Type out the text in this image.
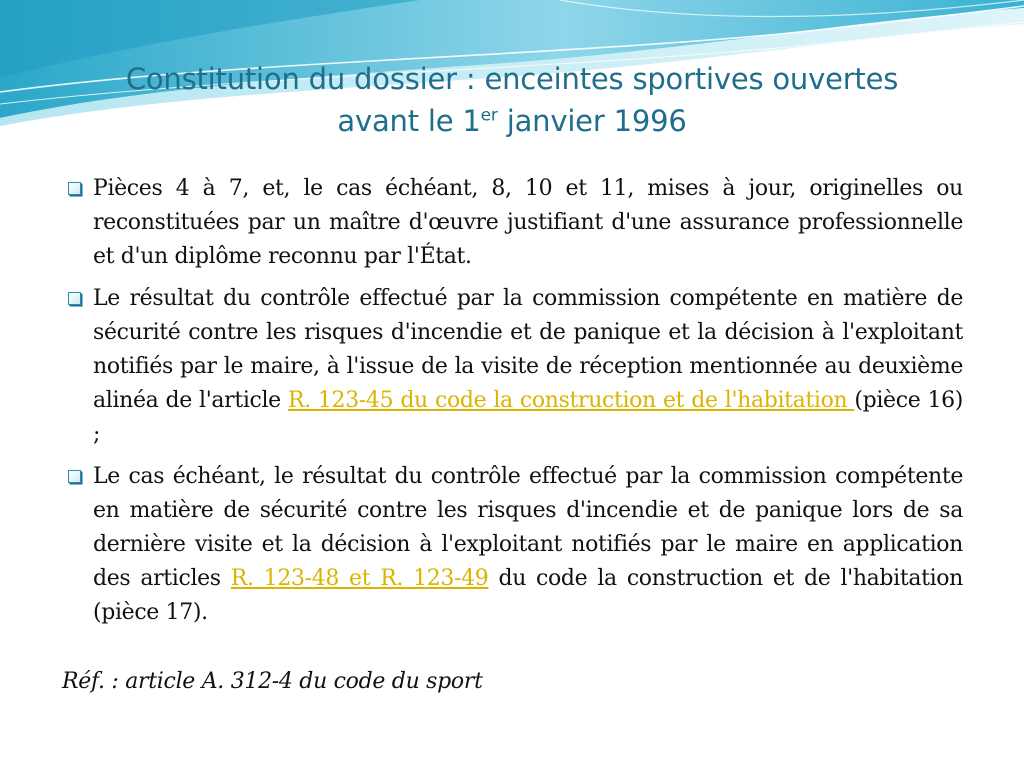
Constitution du dossier : enceintes sportives ouvertes
avant le 1er janvier 1996
Pièces 4 à 7, et, le cas échéant, 8, 10 et 11, mises à jour, originelles ou reconstituées par un maître d'œuvre justifiant d'une assurance professionnelle et d'un diplôme reconnu par l'État.
Le résultat du contrôle effectué par la commission compétente en matière de sécurité contre les risques d'incendie et de panique et la décision à l'exploitant notifiés par le maire, à l'issue de la visite de réception mentionnée au deuxième alinéa de l'article R. 123-45 du code la construction et de l'habitation (pièce 16) ;
Le cas échéant, le résultat du contrôle effectué par la commission compétente en matière de sécurité contre les risques d'incendie et de panique lors de sa dernière visite et la décision à l'exploitant notifiés par le maire en application des articles R. 123-48 et R. 123-49 du code la construction et de l'habitation (pièce 17).
Réf. : article A. 312-4 du code du sport
